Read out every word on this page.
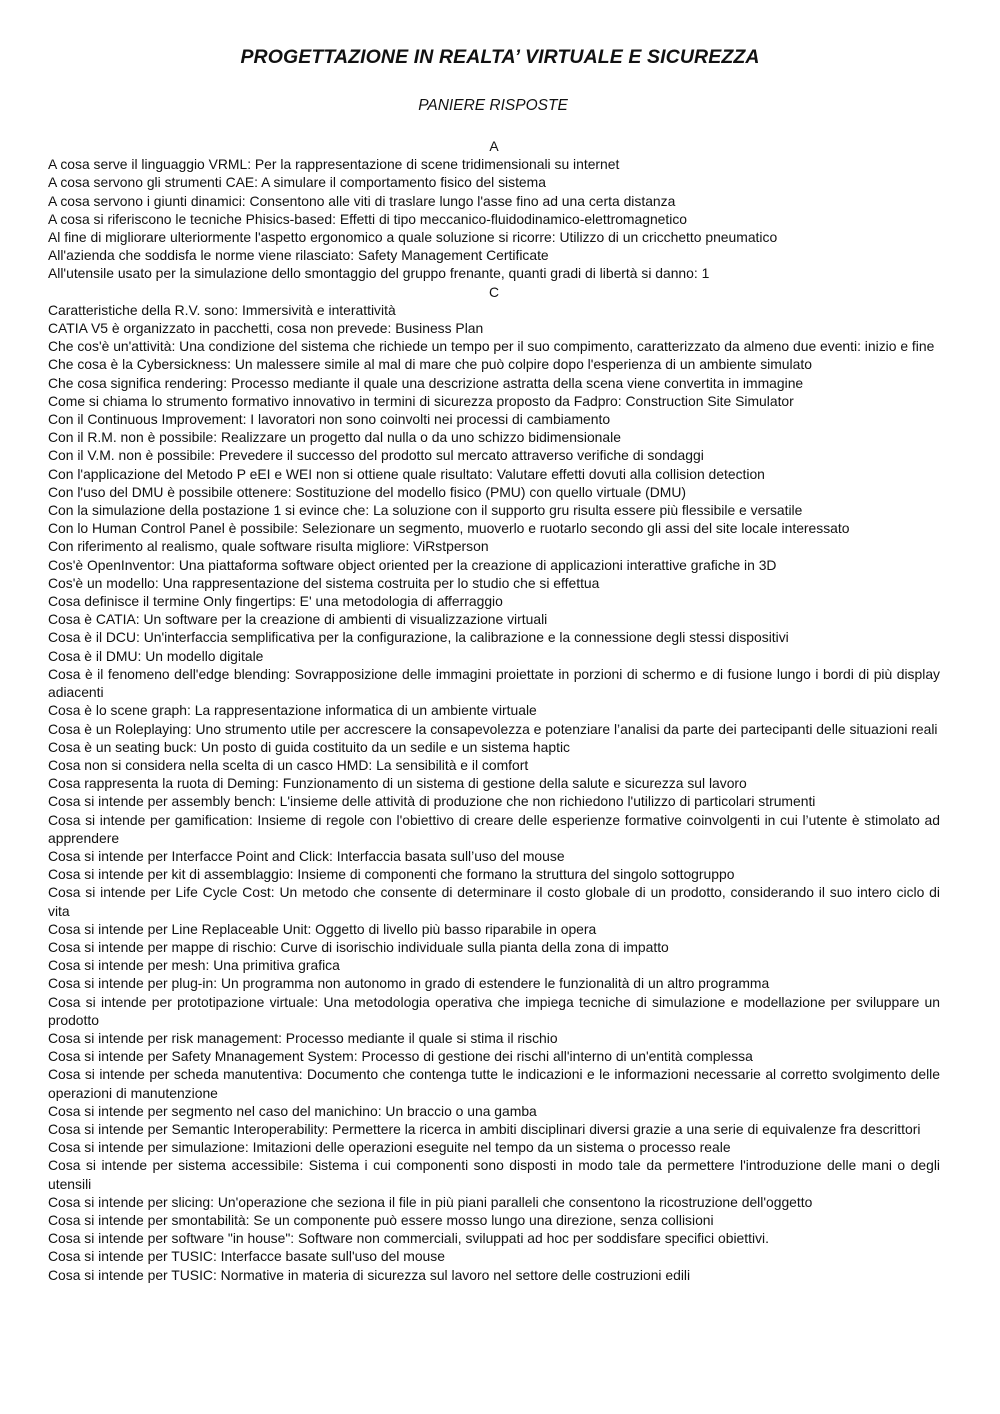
PROGETTAZIONE IN REALTA’ VIRTUALE E SICUREZZA
PANIERE RISPOSTE
A
A cosa serve il linguaggio VRML: Per la rappresentazione di scene tridimensionali su internet
A cosa servono gli strumenti CAE: A simulare il comportamento fisico del sistema
A cosa servono i giunti dinamici: Consentono alle viti di traslare lungo l'asse fino ad una certa distanza
A cosa si riferiscono le tecniche Phisics-based: Effetti di tipo meccanico-fluidodinamico-elettromagnetico
Al fine di migliorare ulteriormente l'aspetto ergonomico a quale soluzione si ricorre: Utilizzo di un cricchetto pneumatico
All'azienda che soddisfa le norme viene rilasciato: Safety Management Certificate
All'utensile usato per la simulazione dello smontaggio del gruppo frenante, quanti gradi di libertà si danno: 1
C
Caratteristiche della R.V. sono: Immersività e interattività
CATIA V5 è organizzato in pacchetti, cosa non prevede: Business Plan
Che cos'è un'attività: Una condizione del sistema che richiede un tempo per il suo compimento, caratterizzato da almeno due eventi: inizio e fine
Che cosa è la Cybersickness: Un malessere simile al mal di mare che può colpire dopo l'esperienza di un ambiente simulato
Che cosa significa rendering: Processo mediante il quale una descrizione astratta della scena viene convertita in immagine
Come si chiama lo strumento formativo innovativo in termini di sicurezza proposto da Fadpro: Construction Site Simulator
Con il Continuous Improvement: I lavoratori non sono coinvolti nei processi di cambiamento
Con il R.M. non è possibile: Realizzare un progetto dal nulla o da uno schizzo bidimensionale
Con il V.M. non è possibile: Prevedere il successo del prodotto sul mercato attraverso verifiche di sondaggi
Con l'applicazione del Metodo P eEI e WEI non si ottiene quale risultato: Valutare effetti dovuti alla collision detection
Con l'uso del DMU è possibile ottenere: Sostituzione del modello fisico (PMU) con quello virtuale (DMU)
Con la simulazione della postazione 1 si evince che: La soluzione con il supporto gru risulta essere più flessibile e versatile
Con lo Human Control Panel è possibile: Selezionare un segmento, muoverlo e ruotarlo secondo gli assi del site locale interessato
Con riferimento al realismo, quale software risulta migliore: ViRstperson
Cos'è OpenInventor: Una piattaforma software object oriented per la creazione di applicazioni interattive grafiche in 3D
Cos'è un modello: Una rappresentazione del sistema costruita per lo studio che si effettua
Cosa definisce il termine Only fingertips: E' una metodologia di afferraggio
Cosa è CATIA: Un software per la creazione di ambienti di visualizzazione virtuali
Cosa è il DCU: Un'interfaccia semplificativa per la configurazione, la calibrazione e la connessione degli stessi dispositivi
Cosa è il DMU: Un modello digitale
Cosa è il fenomeno dell'edge blending: Sovrapposizione delle immagini proiettate in porzioni di schermo e di fusione lungo i bordi di più display adiacenti
Cosa è lo scene graph: La rappresentazione informatica di un ambiente virtuale
Cosa è un Roleplaying: Uno strumento utile per accrescere la consapevolezza e potenziare l’analisi da parte dei partecipanti delle situazioni reali
Cosa è un seating buck: Un posto di guida costituito da un sedile e un sistema haptic
Cosa non si considera nella scelta di un casco HMD: La sensibilità e il comfort
Cosa rappresenta la ruota di Deming: Funzionamento di un sistema di gestione della salute e sicurezza sul lavoro
Cosa si intende per assembly bench: L'insieme delle attività di produzione che non richiedono l'utilizzo di particolari strumenti
Cosa si intende per gamification: Insieme di regole con l'obiettivo di creare delle esperienze formative coinvolgenti in cui l’utente è stimolato ad apprendere
Cosa si intende per Interfacce Point and Click: Interfaccia basata sull’uso del mouse
Cosa si intende per kit di assemblaggio: Insieme di componenti che formano la struttura del singolo sottogruppo
Cosa si intende per Life Cycle Cost: Un metodo che consente di determinare il costo globale di un prodotto, considerando il suo intero ciclo di vita
Cosa si intende per Line Replaceable Unit: Oggetto di livello più basso riparabile in opera
Cosa si intende per mappe di rischio: Curve di isorischio individuale sulla pianta della zona di impatto
Cosa si intende per mesh: Una primitiva grafica
Cosa si intende per plug-in: Un programma non autonomo in grado di estendere le funzionalità di un altro programma
Cosa si intende per prototipazione virtuale: Una metodologia operativa che impiega tecniche di simulazione e modellazione per sviluppare un prodotto
Cosa si intende per risk management: Processo mediante il quale si stima il rischio
Cosa si intende per Safety Mnanagement System: Processo di gestione dei rischi all'interno di un'entità complessa
Cosa si intende per scheda manutentiva: Documento che contenga tutte le indicazioni e le informazioni necessarie al corretto svolgimento delle operazioni di manutenzione
Cosa si intende per segmento nel caso del manichino: Un braccio o una gamba
Cosa si intende per Semantic Interoperability: Permettere la ricerca in ambiti disciplinari diversi grazie a una serie di equivalenze fra descrittori
Cosa si intende per simulazione: Imitazioni delle operazioni eseguite nel tempo da un sistema o processo reale
Cosa si intende per sistema accessibile: Sistema i cui componenti sono disposti in modo tale da permettere l'introduzione delle mani o degli utensili
Cosa si intende per slicing: Un'operazione che seziona il file in più piani paralleli che consentono la ricostruzione dell'oggetto
Cosa si intende per smontabilità: Se un componente può essere mosso lungo una direzione, senza collisioni
Cosa si intende per software "in house": Software non commerciali, sviluppati ad hoc per soddisfare specifici obiettivi.
Cosa si intende per TUSIC: Interfacce basate sull'uso del mouse
Cosa si intende per TUSIC: Normative in materia di sicurezza sul lavoro nel settore delle costruzioni edili
